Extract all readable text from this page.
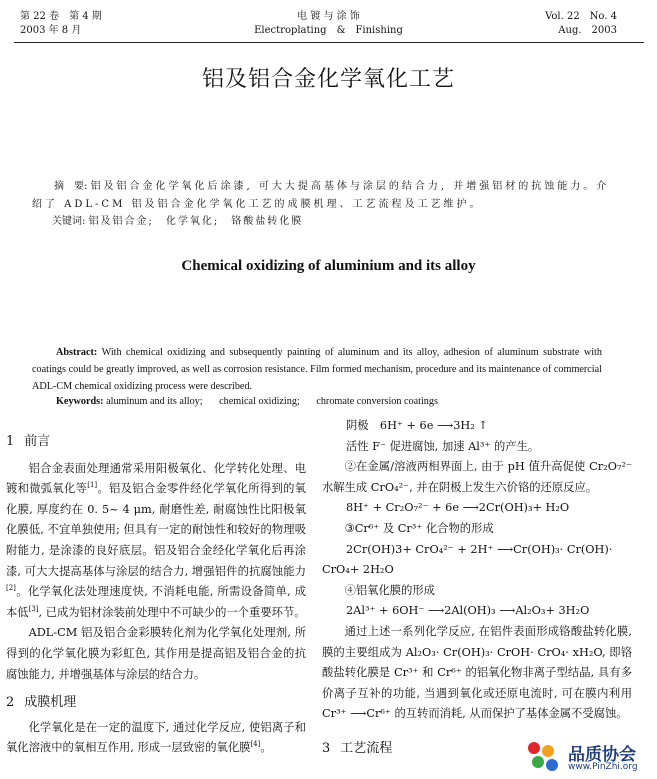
第 22 卷　第 4 期
2003 年 8 月
电 镀 与 涂 饰
Electroplating　&　Finishing
Vol. 22　No. 4
Aug.　2003
铝及铝合金化学氧化工艺
摘　要: 铝及铝合金化学氧化后涂漆, 可大大提高基体与涂层的结合力, 并增强铝材的抗蚀能力。介绍了 ADL-CM 铝及铝合金化学氧化工艺的成膜机理、工艺流程及工艺维护。
关键词: 铝及铝合金;　化学氧化;　铬酸盐转化膜
Chemical oxidizing of aluminium and its alloy
Abstract: With chemical oxidizing and subsequently painting of aluminum and its alloy, adhesion of aluminum substrate with coatings could be greatly improved, as well as corrosion resistance. Film formed mechanism, procedure and its maintenance of commercial ADL-CM chemical oxidizing process were described.
Keywords: aluminum and its alloy; chemical oxidizing; chromate conversion coatings
1 前言

铝合金表面处理通常采用阳极氧化、化学转化处理、电镀和微弧氧化等[1]。铝及铝合金零件经化学氧化所得到的氧化膜, 厚度约在 0. 5~ 4 μm, 耐磨性差, 耐腐蚀性比阳极氧化膜低, 不宜单独使用; 但具有一定的耐蚀性和较好的物理吸附能力, 是涂漆的良好底层。铝及铝合金经化学氧化后再涂漆, 可大大提高基体与涂层的结合力, 增强铝件的抗腐蚀能力[2]。化学氧化法处理速度快, 不消耗电能, 所需设备简单, 成本低[3], 已成为铝材涂装前处理中不可缺少的一个重要环节。

ADL-CM 铝及铝合金彩膜转化剂为化学氧化处理剂, 所得到的化学氧化膜为彩虹色, 其作用是提高铝及铝合金的抗腐蚀能力, 并增强基体与涂层的结合力。

2 成膜机理

化学氧化是在一定的温度下, 通过化学反应, 使铝离子和氧化溶液中的氧相互作用, 形成一层致密的氧化膜[4]。

阴极　6H⁺ + 6e ⟶3H₂ ↑

活性 F⁻ 促进腐蚀, 加速 Al³⁺ 的产生。

②在金属/溶液两相界面上, 由于 pH 值升高促使 Cr₂O₇²⁻ 水解生成 CrO₄²⁻, 并在阴极上发生六价铬的还原反应。

8H⁺ + Cr₂O₇²⁻ + 6e ⟶2Cr(OH)₃+ H₂O

③Cr⁶⁺ 及 Cr³⁺ 化合物的形成

2Cr(OH)3+ CrO₄²⁻ + 2H⁺ ⟶Cr(OH)₃· Cr(OH)·

CrO₄+ 2H₂O

④铝氧化膜的形成

2Al³⁺ + 6OH⁻ ⟶2Al(OH)₃ ⟶Al₂O₃+ 3H₂O

通过上述一系列化学反应, 在铝件表面形成铬酸盐转化膜, 膜的主要组成为 Al₂O₃· Cr(OH)₃· CrOH· CrO₄· xH₂O, 即铬酸盐转化膜是 Cr³⁺ 和 Cr⁶⁺ 的铝氧化物非离子型结晶, 具有多价离子互补的功能, 当遇到氧化或还原电流时, 可在膜内利用 Cr³⁺ ⟶Cr⁶⁺ 的互转而消耗, 从而保护了基体金属不受腐蚀。

3 工艺流程	品质协会
www.PinZhi.org
